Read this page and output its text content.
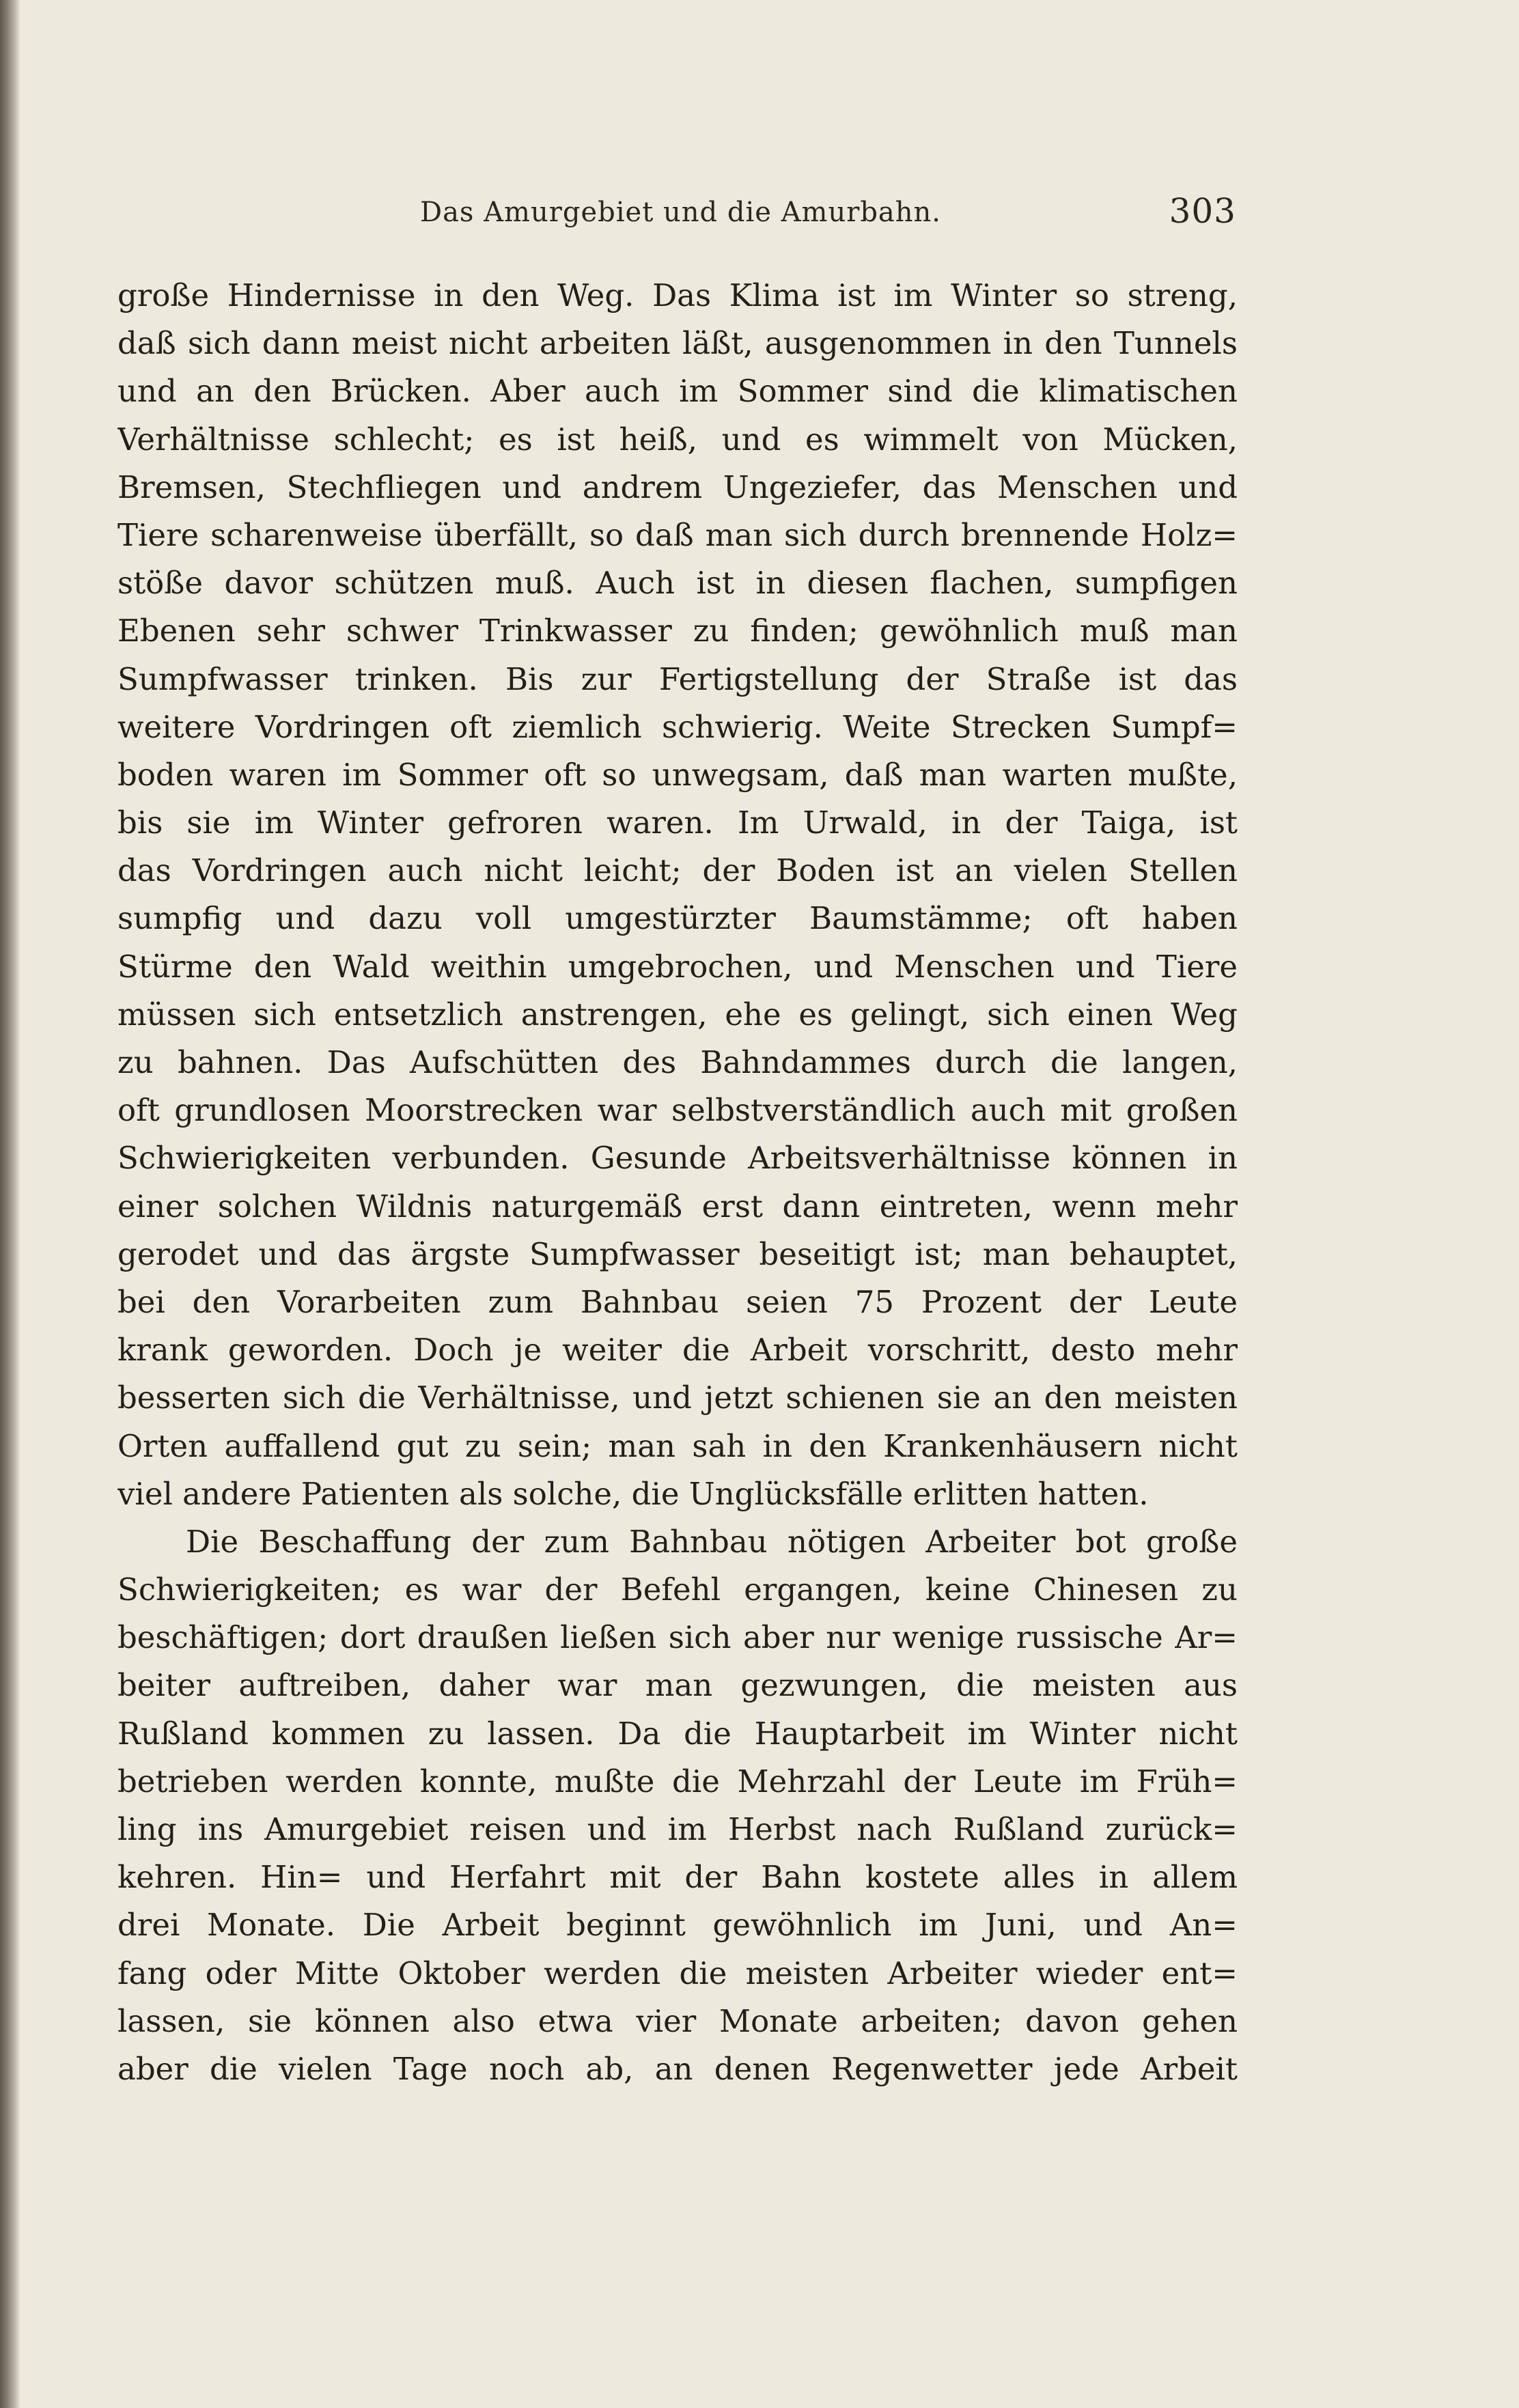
Das Amurgebiet und die Amurbahn.	303
große Hindernisse in den Weg. Das Klima ist im Winter so streng,
daß sich dann meist nicht arbeiten läßt, ausgenommen in den Tunnels
und an den Brücken. Aber auch im Sommer sind die klimatischen
Verhältnisse schlecht; es ist heiß, und es wimmelt von Mücken,
Bremsen, Stechfliegen und andrem Ungeziefer, das Menschen und
Tiere scharenweise überfällt, so daß man sich durch brennende Holz=
stöße davor schützen muß. Auch ist in diesen flachen, sumpfigen
Ebenen sehr schwer Trinkwasser zu finden; gewöhnlich muß man
Sumpfwasser trinken. Bis zur Fertigstellung der Straße ist das
weitere Vordringen oft ziemlich schwierig. Weite Strecken Sumpf=
boden waren im Sommer oft so unwegsam, daß man warten mußte,
bis sie im Winter gefroren waren. Im Urwald, in der Taiga, ist
das Vordringen auch nicht leicht; der Boden ist an vielen Stellen
sumpfig und dazu voll umgestürzter Baumstämme; oft haben
Stürme den Wald weithin umgebrochen, und Menschen und Tiere
müssen sich entsetzlich anstrengen, ehe es gelingt, sich einen Weg
zu bahnen. Das Aufschütten des Bahndammes durch die langen,
oft grundlosen Moorstrecken war selbstverständlich auch mit großen
Schwierigkeiten verbunden. Gesunde Arbeitsverhältnisse können in
einer solchen Wildnis naturgemäß erst dann eintreten, wenn mehr
gerodet und das ärgste Sumpfwasser beseitigt ist; man behauptet,
bei den Vorarbeiten zum Bahnbau seien 75 Prozent der Leute
krank geworden. Doch je weiter die Arbeit vorschritt, desto mehr
besserten sich die Verhältnisse, und jetzt schienen sie an den meisten
Orten auffallend gut zu sein; man sah in den Krankenhäusern nicht
viel andere Patienten als solche, die Unglücksfälle erlitten hatten.
Die Beschaffung der zum Bahnbau nötigen Arbeiter bot große
Schwierigkeiten; es war der Befehl ergangen, keine Chinesen zu
beschäftigen; dort draußen ließen sich aber nur wenige russische Ar=
beiter auftreiben, daher war man gezwungen, die meisten aus
Rußland kommen zu lassen. Da die Hauptarbeit im Winter nicht
betrieben werden konnte, mußte die Mehrzahl der Leute im Früh=
ling ins Amurgebiet reisen und im Herbst nach Rußland zurück=
kehren. Hin= und Herfahrt mit der Bahn kostete alles in allem
drei Monate. Die Arbeit beginnt gewöhnlich im Juni, und An=
fang oder Mitte Oktober werden die meisten Arbeiter wieder ent=
lassen, sie können also etwa vier Monate arbeiten; davon gehen
aber die vielen Tage noch ab, an denen Regenwetter jede Arbeit
